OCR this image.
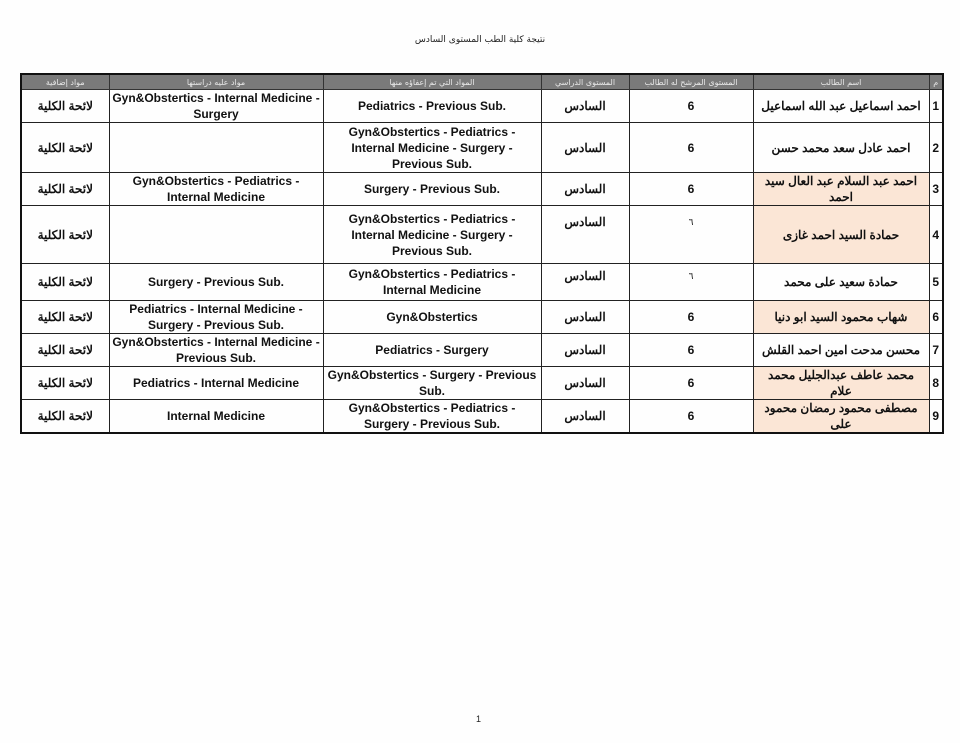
نتيجة كلية الطب المستوى السادس
مواد إضافية	مواد عليه دراستها	المواد التي تم إعفاؤه منها	المستوى الدراسي	المستوى المرشح له الطالب	اسم الطالب	م
لائحة الكلية	Gyn&Obstertics - Internal Medicine - Surgery	Pediatrics - Previous Sub.	السادس	6	احمد اسماعيل عبد الله اسماعيل	1
لائحة الكلية		Gyn&Obstertics - Pediatrics - Internal Medicine - Surgery - Previous Sub.	السادس	6	احمد عادل سعد محمد حسن	2
لائحة الكلية	Gyn&Obstertics - Pediatrics - Internal Medicine	Surgery - Previous Sub.	السادس	6	احمد عبد السلام عبد العال سيد احمد	3
لائحة الكلية		Gyn&Obstertics - Pediatrics - Internal Medicine - Surgery - Previous Sub.	السادس	٦	حمادة السيد احمد غازى	4
لائحة الكلية	Surgery - Previous Sub.	Gyn&Obstertics - Pediatrics - Internal Medicine	السادس	٦	حمادة سعيد على محمد	5
لائحة الكلية	Pediatrics - Internal Medicine - Surgery - Previous Sub.	Gyn&Obstertics	السادس	6	شهاب محمود السيد ابو دنيا	6
لائحة الكلية	Gyn&Obstertics - Internal Medicine - Previous Sub.	Pediatrics - Surgery	السادس	6	محسن مدحت امين احمد القلش	7
لائحة الكلية	Pediatrics - Internal Medicine	Gyn&Obstertics - Surgery - Previous Sub.	السادس	6	محمد عاطف عبدالجليل محمد علام	8
لائحة الكلية	Internal Medicine	Gyn&Obstertics - Pediatrics - Surgery - Previous Sub.	السادس	6	مصطفى محمود رمضان محمود على	9
1
